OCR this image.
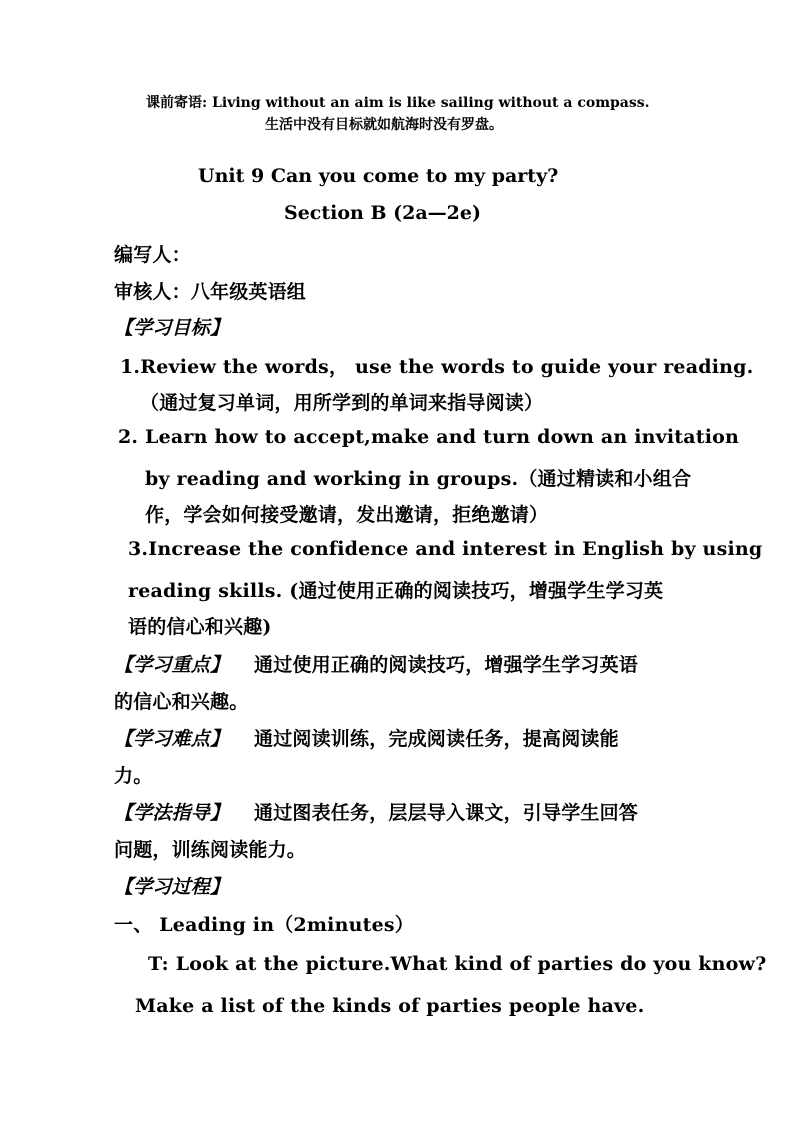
课前寄语: Living without an aim is like sailing without a compass.
生活中没有目标就如航海时没有罗盘。
Unit 9 Can you come to my party?
Section B (2a—2e)
编写人：
审核人：八年级英语组
【学习目标】
1.Review the words， use the words to guide your reading.
（通过复习单词，用所学到的单词来指导阅读）
2. Learn how to accept,make and turn down an invitation
by reading and working in groups.（通过精读和小组合
作，学会如何接受邀请，发出邀请，拒绝邀请）
3.Increase the confidence and interest in English by using
reading skills. (通过使用正确的阅读技巧，增强学生学习英
语的信心和兴趣)
【学习重点】 通过使用正确的阅读技巧，增强学生学习英语
的信心和兴趣。
【学习难点】 通过阅读训练，完成阅读任务，提高阅读能
力。
【学法指导】 通过图表任务，层层导入课文，引导学生回答
问题，训练阅读能力。
【学习过程】
一、 Leading in（2minutes）
T: Look at the picture.What kind of parties do you know?
Make a list of the kinds of parties people have.
